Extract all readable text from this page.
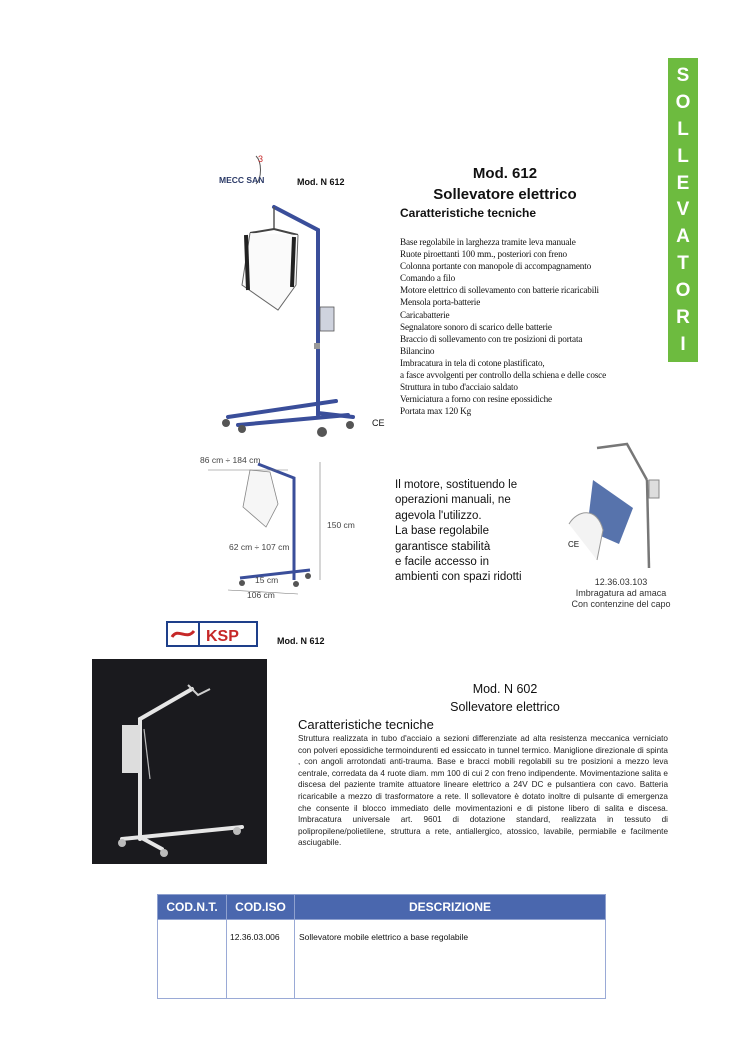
S
O
L
L
E
V
A
T
O
R
I
3
MECC SAN	Mod. N 612
CE
Mod. 612
Sollevatore elettrico
Caratteristiche tecniche
Base regolabile in larghezza tramite leva manuale
Ruote piroettanti 100 mm., posteriori con freno
Colonna portante con manopole di accompagnamento
Comando a filo
Motore elettrico di sollevamento con batterie ricaricabili
Mensola porta-batterie
Caricabatterie
Segnalatore sonoro di scarico delle batterie
Braccio di sollevamento con tre posizioni di portata
Bilancino
Imbracatura in tela di cotone plastificato,
a fasce avvolgenti per controllo della schiena e delle cosce
Struttura in tubo d'acciaio saldato
Verniciatura a forno con resine epossidiche
Portata max 120 Kg
86 cm ÷ 184 cm
150 cm
62 cm ÷ 107 cm
15 cm
106 cm
Il motore, sostituendo le
operazioni manuali, ne
agevola l'utilizzo.
La base regolabile
garantisce stabilità
e facile accesso in
ambienti con spazi ridotti
CE
12.36.03.103
Imbragatura ad amaca
Con contenzine del capo
KSP	Mod. N 612
Mod. N 602
Sollevatore elettrico
Caratteristiche tecniche
Struttura realizzata in tubo d'acciaio a sezioni differenziate ad alta resistenza meccanica verniciato con polveri epossidiche termoindurenti ed essiccato in tunnel termico. Maniglione direzionale di spinta , con angoli arrotondati anti-trauma. Base e bracci mobili regolabili su tre posizioni a mezzo leva centrale, corredata da 4 ruote diam. mm 100 di cui 2 con freno indipendente. Movimentazione salita e discesa del paziente tramite attuatore lineare elettrico a 24V DC e pulsantiera con cavo. Batteria ricaricabile a mezzo di trasformatore a rete. Il sollevatore è dotato inoltre di pulsante di emergenza che consente il blocco immediato delle movimentazioni e di pistone libero di salita e discesa. Imbracatura universale art. 9601 di dotazione standard, realizzata in tessuto di polipropilene/polietilene, struttura a rete, antiallergico, atossico, lavabile, permiabile e facilmente asciugabile.
COD.N.T.	COD.ISO	DESCRIZIONE
	12.36.03.006	Sollevatore mobile elettrico a base regolabile
